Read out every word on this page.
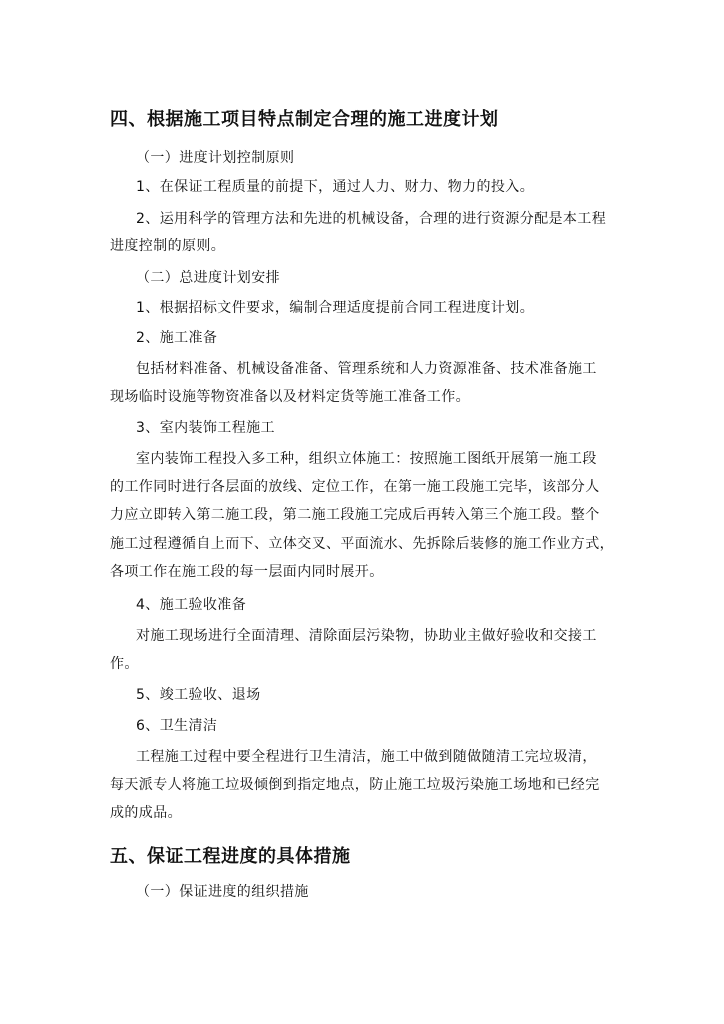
四、根据施工项目特点制定合理的施工进度计划
（一）进度计划控制原则
1、在保证工程质量的前提下，通过人力、财力、物力的投入。
2、运用科学的管理方法和先进的机械设备，合理的进行资源分配是本工程
进度控制的原则。
（二）总进度计划安排
1、根据招标文件要求，编制合理适度提前合同工程进度计划。
2、施工准备
包括材料准备、机械设备准备、管理系统和人力资源准备、技术准备施工
现场临时设施等物资准备以及材料定货等施工准备工作。
3、室内装饰工程施工
室内装饰工程投入多工种，组织立体施工：按照施工图纸开展第一施工段
的工作同时进行各层面的放线、定位工作，在第一施工段施工完毕，该部分人
力应立即转入第二施工段，第二施工段施工完成后再转入第三个施工段。整个
施工过程遵循自上而下、立体交叉、平面流水、先拆除后装修的施工作业方式，
各项工作在施工段的每一层面内同时展开。
4、施工验收准备
对施工现场进行全面清理、清除面层污染物，协助业主做好验收和交接工
作。
5、竣工验收、退场
6、卫生清洁
工程施工过程中要全程进行卫生清洁，施工中做到随做随清工完垃圾清，
每天派专人将施工垃圾倾倒到指定地点，防止施工垃圾污染施工场地和已经完
成的成品。
五、保证工程进度的具体措施
（一）保证进度的组织措施
